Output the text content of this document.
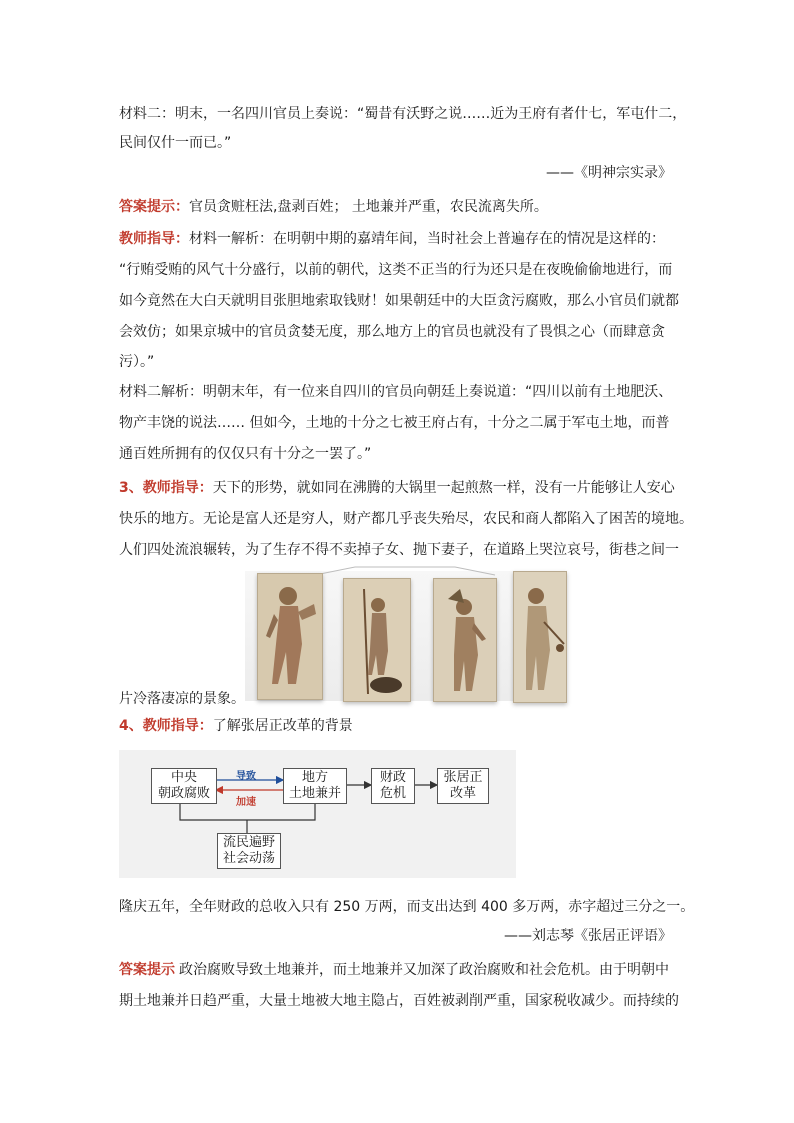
材料二：明末，一名四川官员上奏说：“蜀昔有沃野之说……近为王府有者什七，军屯什二，
民间仅什一而已。”
——《明神宗实录》
答案提示：官员贪赃枉法,盘剥百姓； 土地兼并严重，农民流离失所。
教师指导：材料一解析：在明朝中期的嘉靖年间，当时社会上普遍存在的情况是这样的：
“行贿受贿的风气十分盛行，以前的朝代，这类不正当的行为还只是在夜晚偷偷地进行，而
如今竟然在大白天就明目张胆地索取钱财！如果朝廷中的大臣贪污腐败，那么小官员们就都
会效仿；如果京城中的官员贪婪无度，那么地方上的官员也就没有了畏惧之心（而肆意贪
污）。”
材料二解析：明朝末年，有一位来自四川的官员向朝廷上奏说道：“四川以前有土地肥沃、
物产丰饶的说法…… 但如今，土地的十分之七被王府占有，十分之二属于军屯土地，而普
通百姓所拥有的仅仅只有十分之一罢了。”
3、教师指导：天下的形势，就如同在沸腾的大锅里一起煎熬一样，没有一片能够让人安心
快乐的地方。无论是富人还是穷人，财产都几乎丧失殆尽，农民和商人都陷入了困苦的境地。
人们四处流浪辗转，为了生存不得不卖掉子女、抛下妻子，在道路上哭泣哀号，街巷之间一
片冷落凄凉的景象。
4、教师指导：了解张居正改革的背景
中央
朝政腐败
地方
土地兼并
财政
危机
张居正
改革
流民遍野
社会动荡
导致
加速
隆庆五年，全年财政的总收入只有 250 万两，而支出达到 400 多万两，赤字超过三分之一。
——刘志琴《张居正评语》
答案提示 政治腐败导致土地兼并，而土地兼并又加深了政治腐败和社会危机。由于明朝中
期土地兼并日趋严重，大量土地被大地主隐占，百姓被剥削严重，国家税收减少。而持续的
